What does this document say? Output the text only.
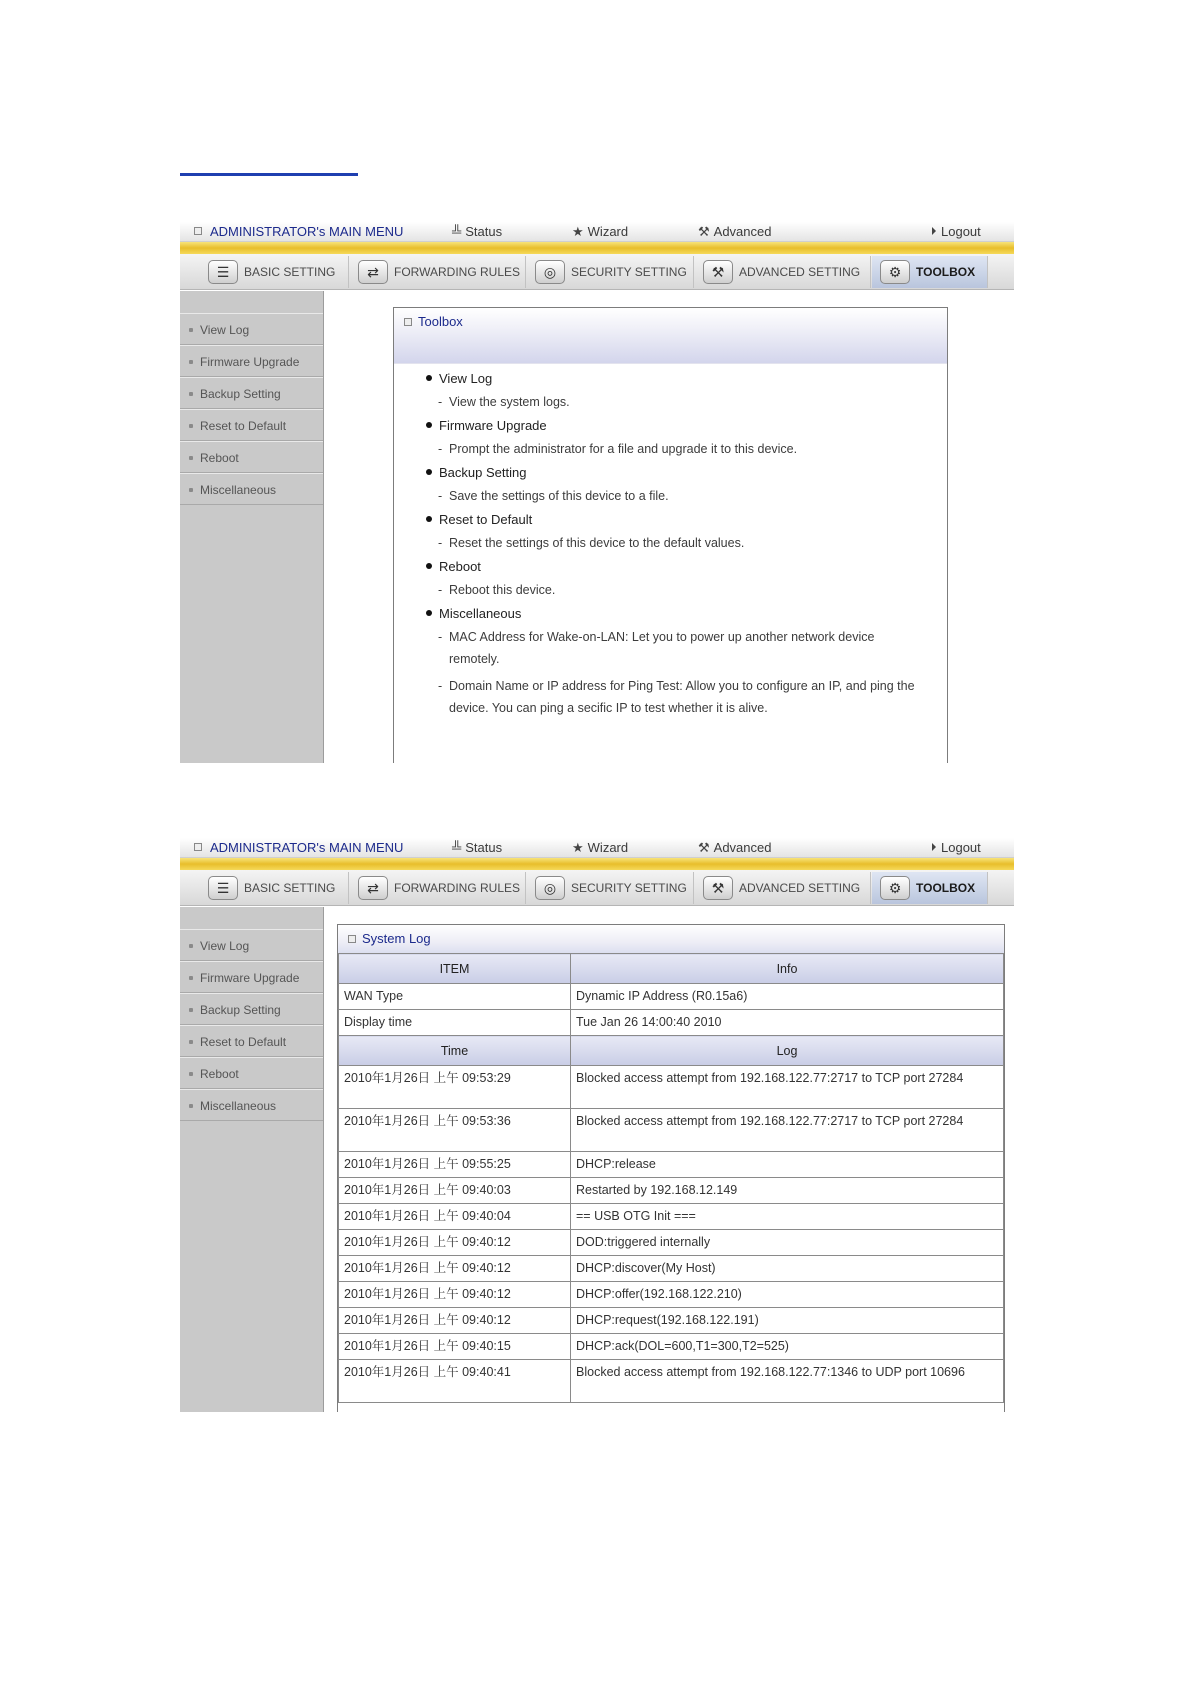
ADMINISTRATOR's MAIN MENU	╩ Status	★ Wizard	⚒ Advanced	Logout
☰	BASIC SETTING	⇄	FORWARDING RULES	◎	SECURITY SETTING	⚒	ADVANCED SETTING	⚙	TOOLBOX
View Log
Firmware Upgrade
Backup Setting
Reset to Default
Reboot
Miscellaneous
Toolbox
View Log
- View the system logs.
Firmware Upgrade
- Prompt the administrator for a file and upgrade it to this device.
Backup Setting
- Save the settings of this device to a file.
Reset to Default
- Reset the settings of this device to the default values.
Reboot
- Reboot this device.
Miscellaneous
- MAC Address for Wake-on-LAN: Let you to power up another network device remotely.
- Domain Name or IP address for Ping Test: Allow you to configure an IP, and ping the device. You can ping a secific IP to test whether it is alive.
ADMINISTRATOR's MAIN MENU	╩ Status	★ Wizard	⚒ Advanced	Logout
☰	BASIC SETTING	⇄	FORWARDING RULES	◎	SECURITY SETTING	⚒	ADVANCED SETTING	⚙	TOOLBOX
View Log
Firmware Upgrade
Backup Setting
Reset to Default
Reboot
Miscellaneous
System Log
ITEM	Info
WAN Type	Dynamic IP Address (R0.15a6)
Display time	Tue Jan 26 14:00:40 2010
Time	Log
2010年1月26日 上午 09:53:29	Blocked access attempt from 192.168.122.77:2717 to TCP port 27284
2010年1月26日 上午 09:53:36	Blocked access attempt from 192.168.122.77:2717 to TCP port 27284
2010年1月26日 上午 09:55:25	DHCP:release
2010年1月26日 上午 09:40:03	Restarted by 192.168.12.149
2010年1月26日 上午 09:40:04	== USB OTG Init ===
2010年1月26日 上午 09:40:12	DOD:triggered internally
2010年1月26日 上午 09:40:12	DHCP:discover(My Host)
2010年1月26日 上午 09:40:12	DHCP:offer(192.168.122.210)
2010年1月26日 上午 09:40:12	DHCP:request(192.168.122.191)
2010年1月26日 上午 09:40:15	DHCP:ack(DOL=600,T1=300,T2=525)
2010年1月26日 上午 09:40:41	Blocked access attempt from 192.168.122.77:1346 to UDP port 10696
